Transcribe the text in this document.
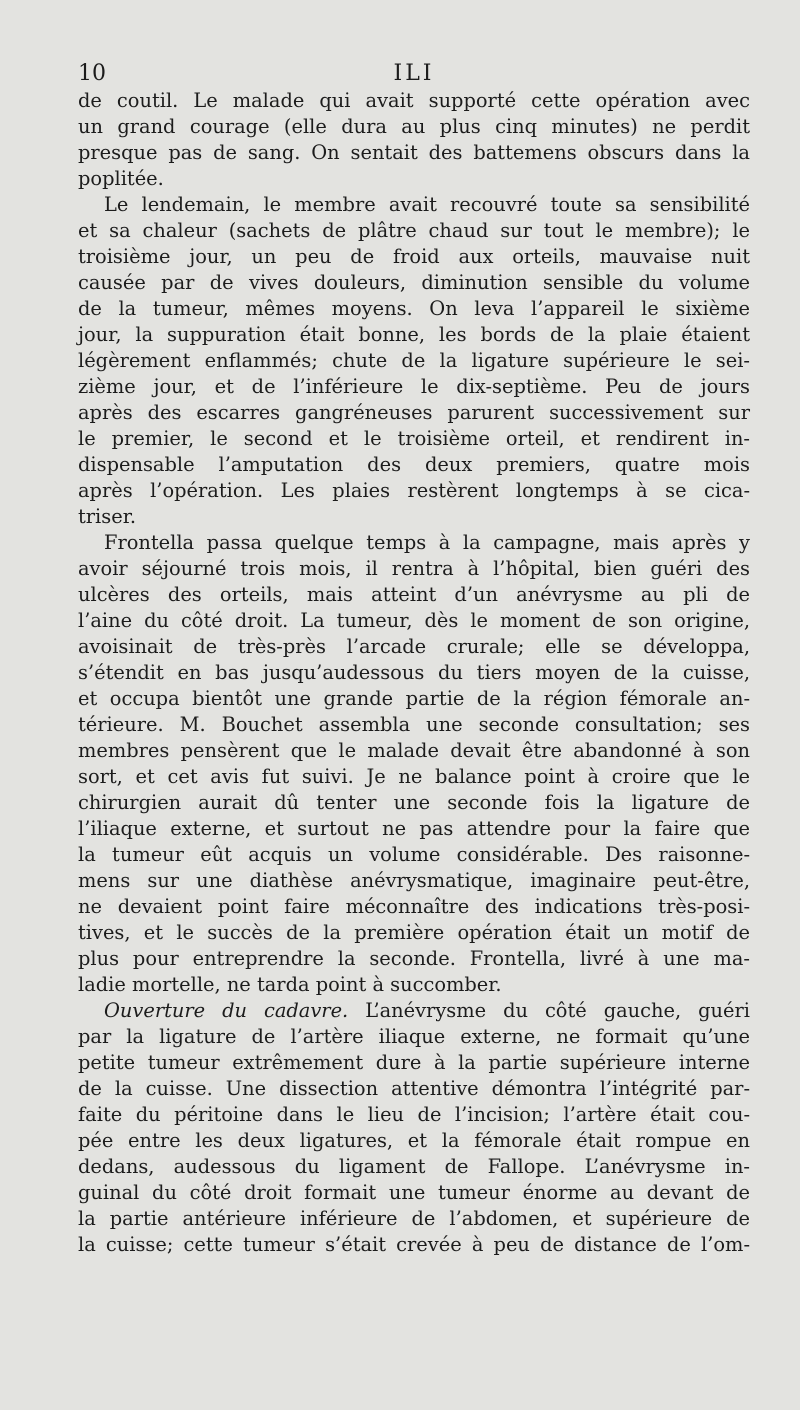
10	ILI
de coutil. Le malade qui avait supporté cette opération avec
un grand courage (elle dura au plus cinq minutes) ne perdit
presque pas de sang. On sentait des battemens obscurs dans la
poplitée.
Le lendemain, le membre avait recouvré toute sa sensibilité
et sa chaleur (sachets de plâtre chaud sur tout le membre); le
troisième jour, un peu de froid aux orteils, mauvaise nuit
causée par de vives douleurs, diminution sensible du volume
de la tumeur, mêmes moyens. On leva l’appareil le sixième
jour, la suppuration était bonne, les bords de la plaie étaient
légèrement enflammés; chute de la ligature supérieure le sei-
zième jour, et de l’inférieure le dix-septième. Peu de jours
après des escarres gangréneuses parurent successivement sur
le premier, le second et le troisième orteil, et rendirent in-
dispensable l’amputation des deux premiers, quatre mois
après l’opération. Les plaies restèrent longtemps à se cica-
triser.
Frontella passa quelque temps à la campagne, mais après y
avoir séjourné trois mois, il rentra à l’hôpital, bien guéri des
ulcères des orteils, mais atteint d’un anévrysme au pli de
l’aine du côté droit. La tumeur, dès le moment de son origine,
avoisinait de très-près l’arcade crurale; elle se développa,
s’étendit en bas jusqu’audessous du tiers moyen de la cuisse,
et occupa bientôt une grande partie de la région fémorale an-
térieure. M. Bouchet assembla une seconde consultation; ses
membres pensèrent que le malade devait être abandonné à son
sort, et cet avis fut suivi. Je ne balance point à croire que le
chirurgien aurait dû tenter une seconde fois la ligature de
l’iliaque externe, et surtout ne pas attendre pour la faire que
la tumeur eût acquis un volume considérable. Des raisonne-
mens sur une diathèse anévrysmatique, imaginaire peut-être,
ne devaient point faire méconnaître des indications très-posi-
tives, et le succès de la première opération était un motif de
plus pour entreprendre la seconde. Frontella, livré à une ma-
ladie mortelle, ne tarda point à succomber.
Ouverture du cadavre. L’anévrysme du côté gauche, guéri
par la ligature de l’artère iliaque externe, ne formait qu’une
petite tumeur extrêmement dure à la partie supérieure interne
de la cuisse. Une dissection attentive démontra l’intégrité par-
faite du péritoine dans le lieu de l’incision; l’artère était cou-
pée entre les deux ligatures, et la fémorale était rompue en
dedans, audessous du ligament de Fallope. L’anévrysme in-
guinal du côté droit formait une tumeur énorme au devant de
la partie antérieure inférieure de l’abdomen, et supérieure de
la cuisse; cette tumeur s’était crevée à peu de distance de l’om-
